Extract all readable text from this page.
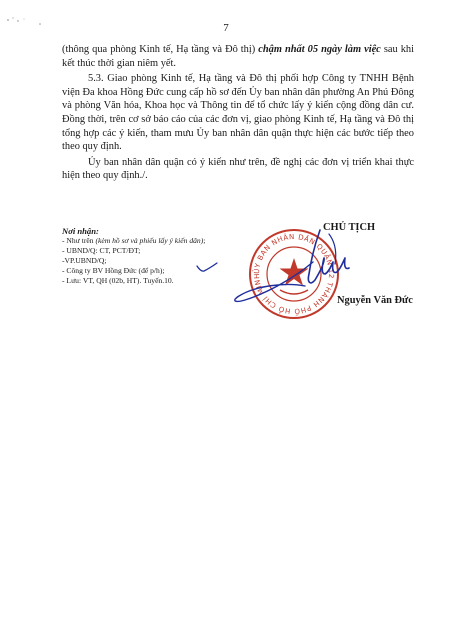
7

(thông qua phòng Kinh tế, Hạ tầng và Đô thị) chậm nhất 05 ngày làm việc sau khi kết thúc thời gian niêm yết.

5.3. Giao phòng Kinh tế, Hạ tầng và Đô thị phối hợp Công ty TNHH Bệnh viện Đa khoa Hồng Đức cung cấp hồ sơ đến Ủy ban nhân dân phường An Phú Đông và phòng Văn hóa, Khoa học và Thông tin để tổ chức lấy ý kiến cộng đồng dân cư. Đồng thời, trên cơ sở báo cáo của các đơn vị, giao phòng Kinh tế, Hạ tầng và Đô thị tổng hợp các ý kiến, tham mưu Ủy ban nhân dân quận thực hiện các bước tiếp theo theo quy định.

Ủy ban nhân dân quận có ý kiến như trên, đề nghị các đơn vị triển khai thực hiện theo quy định./.

Nơi nhận:
- Như trên (kèm hồ sơ và phiếu lấy ý kiến dân);
- UBND/Q: CT, PCT/ĐT;
-VP.UBND/Q;
- Công ty BV Hồng Đức (để p/h);
- Lưu: VT, QH (02b, HT). Tuyến.10.
ỦY BAN NHÂN DÂN QUẬN 12 THÀNH PHỐ HỒ CHÍ MINH
CHỦ TỊCH
Nguyễn Văn Đức
